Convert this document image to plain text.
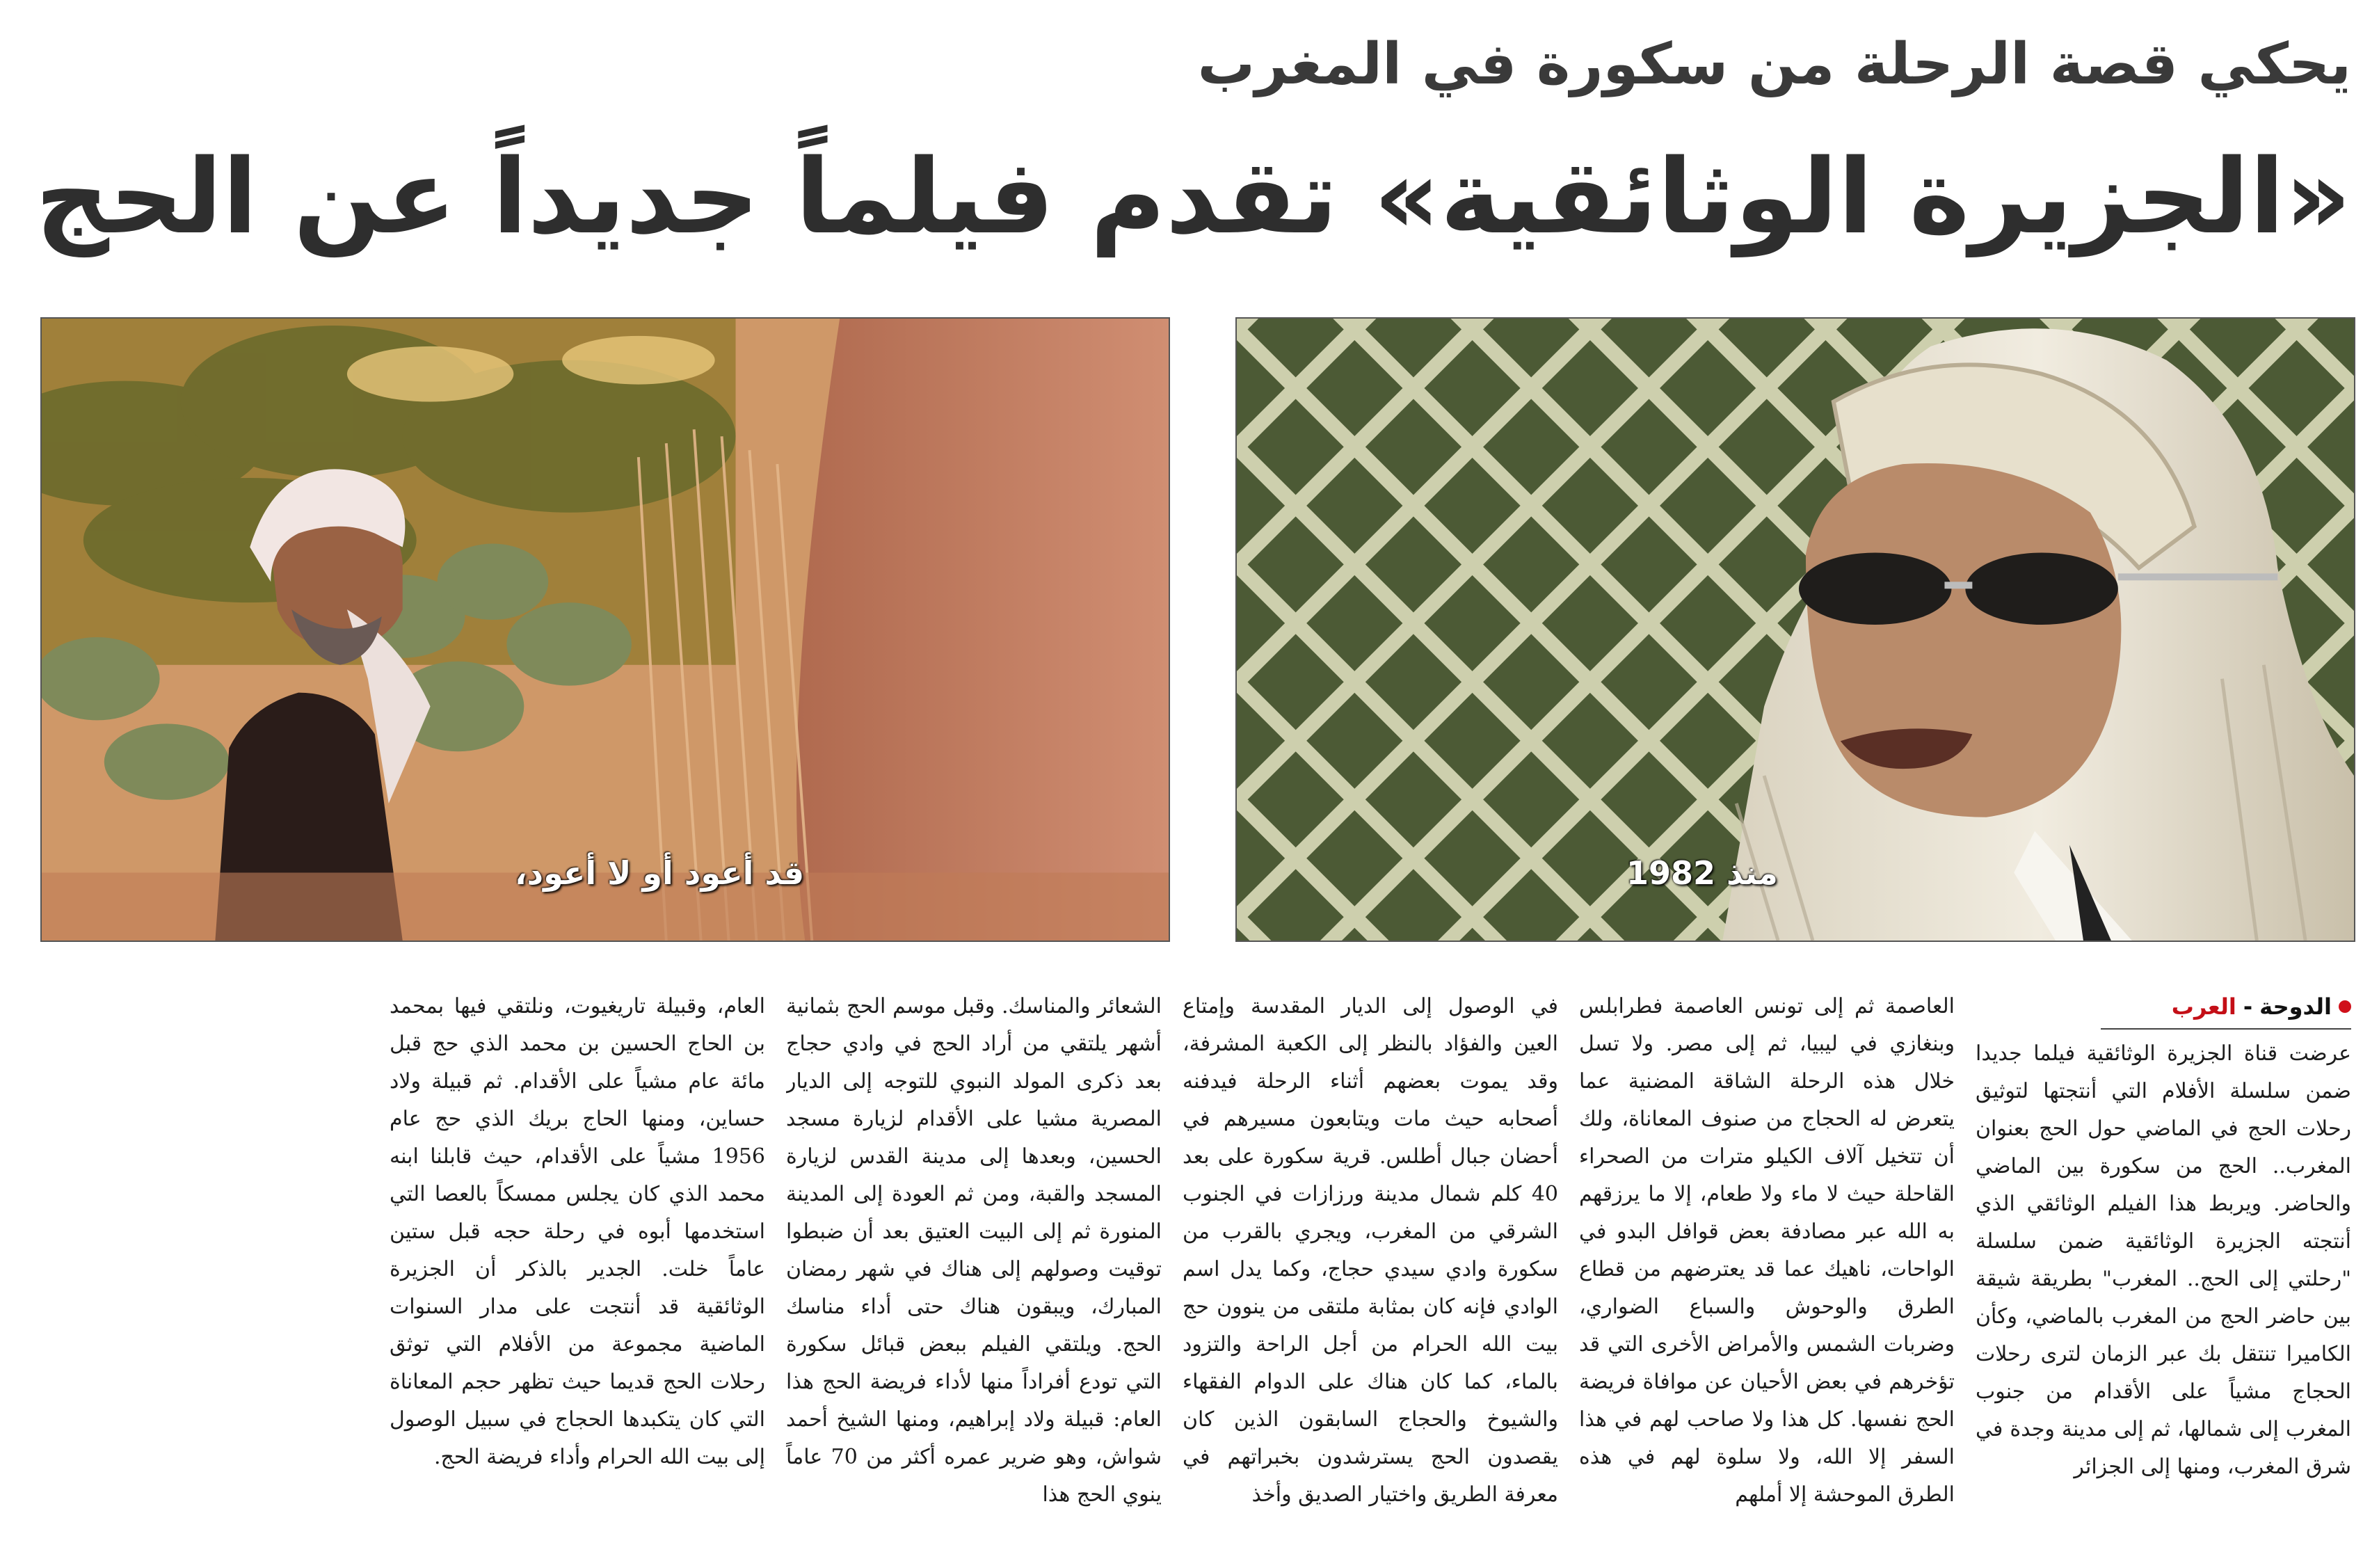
يحكي قصة الرحلة من سكورة في المغرب
«الجزيرة الوثائقية» تقدم فيلماً جديداً عن الحج
منذ 1982
قد أعود أو لا أعود،
الدوحة
-
العرب

عرضت قناة الجزيرة الوثائقية فيلما جديدا ضمن سلسلة الأفلام التي أنتجتها لتوثيق رحلات الحج في الماضي حول الحج بعنوان المغرب.. الحج من سكورة بين الماضي والحاضر. ويربط هذا الفيلم الوثائقي الذي أنتجته الجزيرة الوثائقية ضمن سلسلة "رحلتي إلى الحج.. المغرب" بطريقة شيقة بين حاضر الحج من المغرب بالماضي، وكأن الكاميرا تنتقل بك عبر الزمان لترى رحلات الحجاج مشياً على الأقدام من جنوب المغرب إلى شمالها، ثم إلى مدينة وجدة في شرق المغرب، ومنها إلى الجزائر

العاصمة ثم إلى تونس العاصمة فطرابلس وبنغازي في ليبيا، ثم إلى مصر. ولا تسل خلال هذه الرحلة الشاقة المضنية عما يتعرض له الحجاج من صنوف المعاناة، ولك أن تتخيل آلاف الكيلو مترات من الصحراء القاحلة حيث لا ماء ولا طعام، إلا ما يرزقهم به الله عبر مصادفة بعض قوافل البدو في الواحات، ناهيك عما قد يعترضهم من قطاع الطرق والوحوش والسباع الضواري، وضربات الشمس والأمراض الأخرى التي قد تؤخرهم في بعض الأحيان عن موافاة فريضة الحج نفسها. كل هذا ولا صاحب لهم في هذا السفر إلا الله، ولا سلوة لهم في هذه الطرق الموحشة إلا أملهم

في الوصول إلى الديار المقدسة وإمتاع العين والفؤاد بالنظر إلى الكعبة المشرفة، وقد يموت بعضهم أثناء الرحلة فيدفنه أصحابه حيث مات ويتابعون مسيرهم في أحضان جبال أطلس. قرية سكورة على بعد 40 كلم شمال مدينة ورزازات في الجنوب الشرقي من المغرب، ويجري بالقرب من سكورة وادي سيدي حجاج، وكما يدل اسم الوادي فإنه كان بمثابة ملتقى من ينوون حج بيت الله الحرام من أجل الراحة والتزود بالماء، كما كان هناك على الدوام الفقهاء والشيوخ والحجاج السابقون الذين كان يقصدون الحج يسترشدون بخبراتهم في معرفة الطريق واختيار الصديق وأخذ

الشعائر والمناسك. وقبل موسم الحج بثمانية أشهر يلتقي من أراد الحج في وادي حجاج بعد ذكرى المولد النبوي للتوجه إلى الديار المصرية مشيا على الأقدام لزيارة مسجد الحسين، وبعدها إلى مدينة القدس لزيارة المسجد والقبة، ومن ثم العودة إلى المدينة المنورة ثم إلى البيت العتيق بعد أن ضبطوا توقيت وصولهم إلى هناك في شهر رمضان المبارك، ويبقون هناك حتى أداء مناسك الحج. ويلتقي الفيلم ببعض قبائل سكورة التي تودع أفراداً منها لأداء فريضة الحج هذا العام: قبيلة ولاد إبراهيم، ومنها الشيخ أحمد شواش، وهو ضرير عمره أكثر من 70 عاماً ينوي الحج هذا

العام، وقبيلة تاريغيوت، ونلتقي فيها بمحمد بن الحاج الحسين بن محمد الذي حج قبل مائة عام مشياً على الأقدام. ثم قبيلة ولاد حساين، ومنها الحاج بريك الذي حج عام 1956 مشياً على الأقدام، حيث قابلنا ابنه محمد الذي كان يجلس ممسكاً بالعصا التي استخدمها أبوه في رحلة حجه قبل ستين عاماً خلت. الجدير بالذكر أن الجزيرة الوثائقية قد أنتجت على مدار السنوات الماضية مجموعة من الأفلام التي توثق رحلات الحج قديما حيث تظهر حجم المعاناة التي كان يتكبدها الحجاج في سبيل الوصول إلى بيت الله الحرام وأداء فريضة الحج.
